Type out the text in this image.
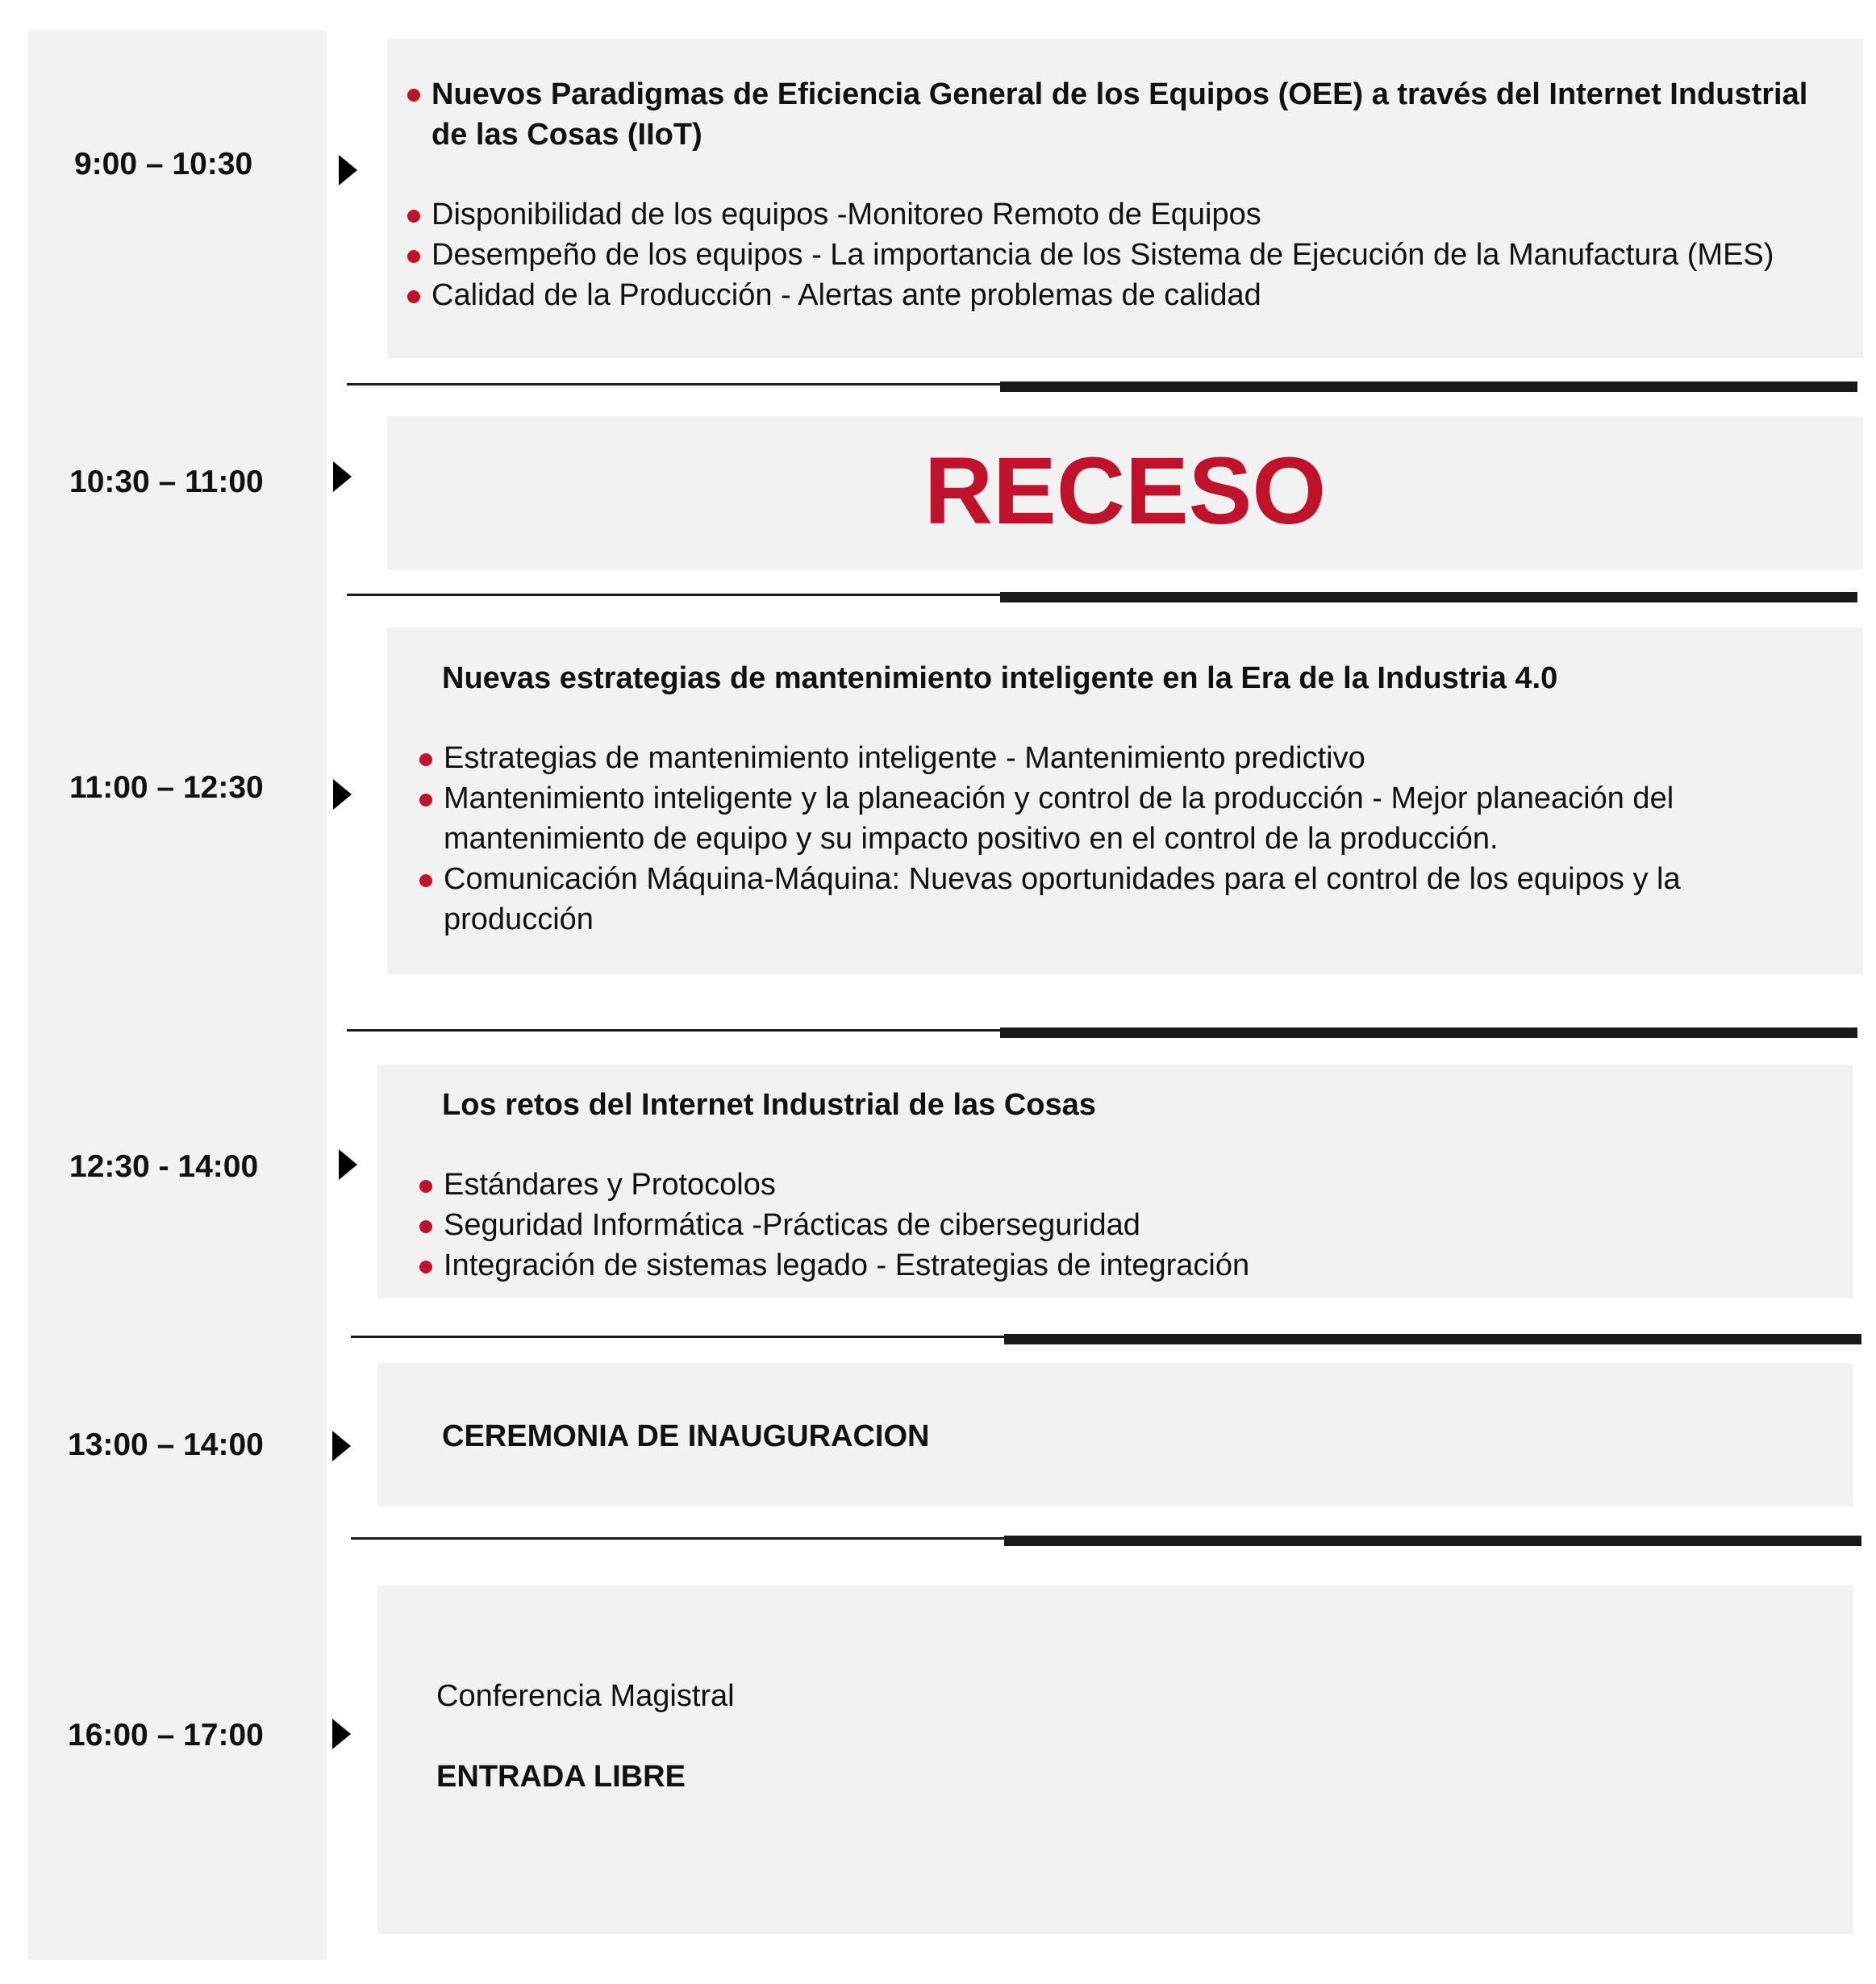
9:00 – 10:30
Nuevos Paradigmas de Eficiencia General de los Equipos (OEE) a través del Internet Industrial de las Cosas (IIoT)
Disponibilidad de los equipos -Monitoreo Remoto de Equipos
Desempeño de los equipos - La importancia de los Sistema de Ejecución de la Manufactura (MES)
Calidad de la Producción - Alertas ante problemas de calidad
10:30 – 11:00	RECESO
11:00 – 12:30
Nuevas estrategias de mantenimiento inteligente en la Era de la Industria 4.0
Estrategias de mantenimiento inteligente - Mantenimiento predictivo
Mantenimiento inteligente y la planeación y control de la producción - Mejor planeación del mantenimiento de equipo y su impacto positivo en el control de la producción.
Comunicación Máquina-Máquina: Nuevas oportunidades para el control de los equipos y la producción
12:30 - 14:00
Los retos del Internet Industrial de las Cosas
Estándares y Protocolos
Seguridad Informática -Prácticas de ciberseguridad
Integración de sistemas legado - Estrategias de integración
13:00 – 14:00	CEREMONIA DE INAUGURACION
16:00 – 17:00
Conferencia Magistral
ENTRADA LIBRE
